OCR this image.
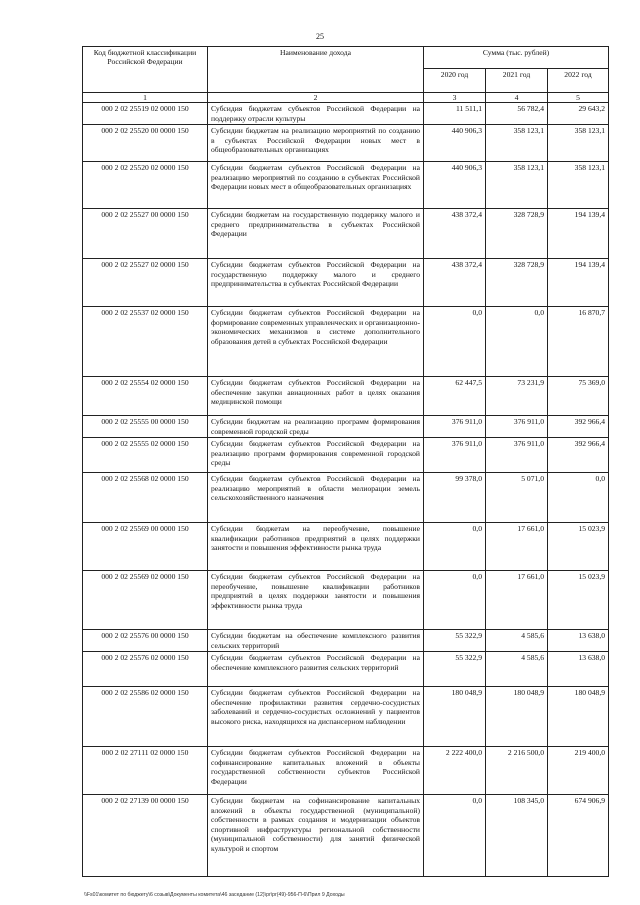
25
Код бюджетной классификации Российской Федерации	Наименование дохода	Сумма (тыс. рублей)		
		2020 год	2021 год	2022 год
1	2	3	4	5
000 2 02 25519 02 0000 150	Субсидия бюджетам субъектов Российской Федерации на поддержку отрасли культуры	11 511,1	56 782,4	29 643,2
000 2 02 25520 00 0000 150	Субсидии бюджетам на реализацию мероприятий по созданию в субъектах Российской Федерации новых мест в общеобразовательных организациях	440 906,3	358 123,1	358 123,1
000 2 02 25520 02 0000 150	Субсидии бюджетам субъектов Российской Федерации на реализацию мероприятий по созданию в субъектах Российской Федерации новых мест в общеобразовательных организациях	440 906,3	358 123,1	358 123,1
000 2 02 25527 00 0000 150	Субсидии бюджетам на государственную поддержку малого и среднего предпринимательства в субъектах Российской Федерации	438 372,4	328 728,9	194 139,4
000 2 02 25527 02 0000 150	Субсидии бюджетам субъектов Российской Федерации на государственную поддержку малого и среднего предпринимательства в субъектах Российской Федерации	438 372,4	328 728,9	194 139,4
000 2 02 25537 02 0000 150	Субсидии бюджетам субъектов Российской Федерации на формирование современных управленческих и организационно-экономических механизмов в системе дополнительного образования детей в субъектах Российской Федерации	0,0	0,0	16 870,7
000 2 02 25554 02 0000 150	Субсидии бюджетам субъектов Российской Федерации на обеспечение закупки авиационных работ в целях оказания медицинской помощи	62 447,5	73 231,9	75 369,0
000 2 02 25555 00 0000 150	Субсидии бюджетам на реализацию программ формирования современной городской среды	376 911,0	376 911,0	392 966,4
000 2 02 25555 02 0000 150	Субсидии бюджетам субъектов Российской Федерации на реализацию программ формирования современной городской среды	376 911,0	376 911,0	392 966,4
000 2 02 25568 02 0000 150	Субсидии бюджетам субъектов Российской Федерации на реализацию мероприятий в области мелиорации земель сельскохозяйственного назначения	99 378,0	5 071,0	0,0
000 2 02 25569 00 0000 150	Субсидии бюджетам на переобучение, повышение квалификации работников предприятий в целях поддержки занятости и повышения эффективности рынка труда	0,0	17 661,0	15 023,9
000 2 02 25569 02 0000 150	Субсидии бюджетам субъектов Российской Федерации на переобучение, повышение квалификации работников предприятий в целях поддержки занятости и повышения эффективности рынка труда	0,0	17 661,0	15 023,9
000 2 02 25576 00 0000 150	Субсидии бюджетам на обеспечение комплексного развития сельских территорий	55 322,9	4 585,6	13 638,0
000 2 02 25576 02 0000 150	Субсидии бюджетам субъектов Российской Федерации на обеспечение комплексного развития сельских территорий	55 322,9	4 585,6	13 638,0
000 2 02 25586 02 0000 150	Субсидии бюджетам субъектов Российской Федерации на обеспечение профилактики развития сердечно-сосудистых заболеваний и сердечно-сосудистых осложнений у пациентов высокого риска, находящихся на диспансерном наблюдении	180 048,9	180 048,9	180 048,9
000 2 02 27111 02 0000 150	Субсидии бюджетам субъектов Российской Федерации на софинансирование капитальных вложений в объекты государственной собственности субъектов Российской Федерации	2 222 400,0	2 216 500,0	219 400,0
000 2 02 27139 00 0000 150	Субсидии бюджетам на софинансирование капитальных вложений в объекты государственной (муниципальной) собственности в рамках создания и модернизации объектов спортивной инфраструктуры региональной собственности (муниципальной собственности) для занятий физической культурой и спортом	0,0	108 345,0	674 906,9
\\Fs01\комитет по бюджету\6 созыв\Документы комитета\46 заседание (12)\pr\pr(49)-956-П-6\Прил 9 Доходы
